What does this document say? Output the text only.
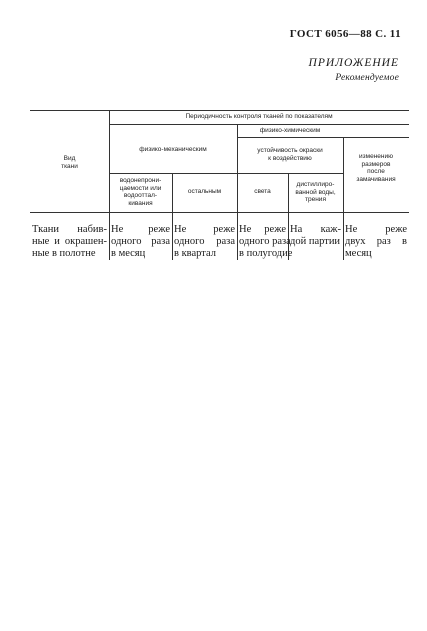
ГОСТ 6056—88 С. 11
ПРИЛОЖЕНИЕ
Рекомендуемое
Вид
ткани
Периодичность контроля тканей по показателям
физико-механическим
физико-химическим
устойчивость окраски
к воздействию	изменению
размеров
после
замачивания
водонепрони-
цаемости или
водооттал-
кивания
остальным	света
дистиллиро-
ванной воды,
трения
Ткани набив-
ные и окрашен-
ные в полотне
Не реже
одного раза
в месяц
Не реже
одного раза
в квартал
Не реже
одного раза
в полугодие
На каж-
дой партии
Не реже
двух раз в
месяц
